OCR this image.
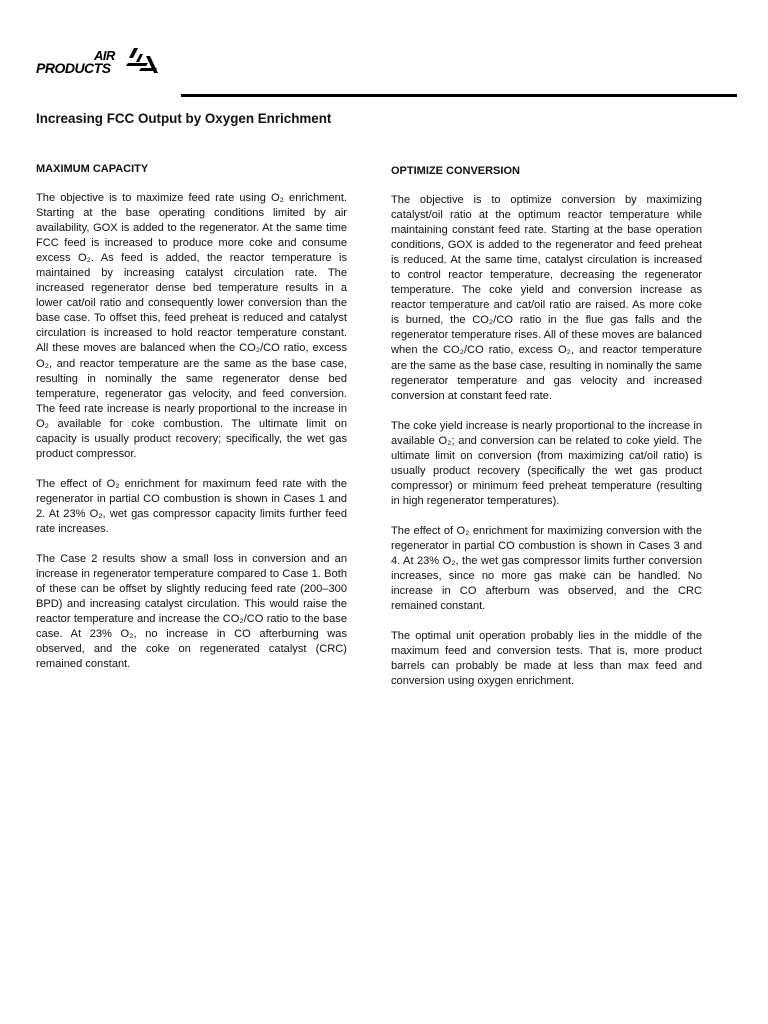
AIR
PRODUCTS
Increasing FCC Output by Oxygen Enrichment

MAXIMUM CAPACITY

The objective is to maximize feed rate using O₂ enrichment. Starting at the base operating conditions limited by air availability, GOX is added to the regenerator. At the same time FCC feed is increased to produce more coke and consume excess O₂. As feed is added, the reactor temperature is maintained by increasing catalyst circulation rate. The increased regenerator dense bed temperature results in a lower cat/oil ratio and consequently lower conversion than the base case. To offset this, feed preheat is reduced and catalyst circulation is increased to hold reactor temperature constant. All these moves are balanced when the CO₂/CO ratio, excess O₂, and reactor temperature are the same as the base case, resulting in nominally the same regenerator dense bed temperature, regenerator gas velocity, and feed conversion. The feed rate increase is nearly proportional to the increase in O₂ available for coke combustion. The ultimate limit on capacity is usually product recovery; specifically, the wet gas product compressor.

The effect of O₂ enrichment for maximum feed rate with the regenerator in partial CO combustion is shown in Cases 1 and 2. At 23% O₂, wet gas compressor capacity limits further feed rate increases.

The Case 2 results show a small loss in conversion and an increase in regenerator temperature compared to Case 1. Both of these can be offset by slightly reducing feed rate (200–300 BPD) and increasing catalyst circulation. This would raise the reactor temperature and increase the CO₂/CO ratio to the base case. At 23% O₂, no increase in CO afterburning was observed, and the coke on regenerated catalyst (CRC) remained constant.

OPTIMIZE CONVERSION

The objective is to optimize conversion by maximizing catalyst/oil ratio at the optimum reactor temperature while maintaining constant feed rate. Starting at the base operation conditions, GOX is added to the regenerator and feed preheat is reduced. At the same time, catalyst circulation is increased to control reactor temperature, decreasing the regenerator temperature. The coke yield and conversion increase as reactor temperature and cat/oil ratio are raised. As more coke is burned, the CO₂/CO ratio in the flue gas falls and the regenerator temperature rises. All of these moves are balanced when the CO₂/CO ratio, excess O₂, and reactor temperature are the same as the base case, resulting in nominally the same regenerator temperature and gas velocity and increased conversion at constant feed rate.

The coke yield increase is nearly proportional to the increase in available O₂; and conversion can be related to coke yield. The ultimate limit on conversion (from maximizing cat/oil ratio) is usually product recovery (specifically the wet gas product compressor) or minimum feed preheat temperature (resulting in high regenerator temperatures).

The effect of O₂ enrichment for maximizing conversion with the regenerator in partial CO combustion is shown in Cases 3 and 4. At 23% O₂, the wet gas compressor limits further conversion increases, since no more gas make can be handled. No increase in CO afterburn was observed, and the CRC remained constant.

The optimal unit operation probably lies in the middle of the maximum feed and conversion tests. That is, more product barrels can probably be made at less than max feed and conversion using oxygen enrichment.
